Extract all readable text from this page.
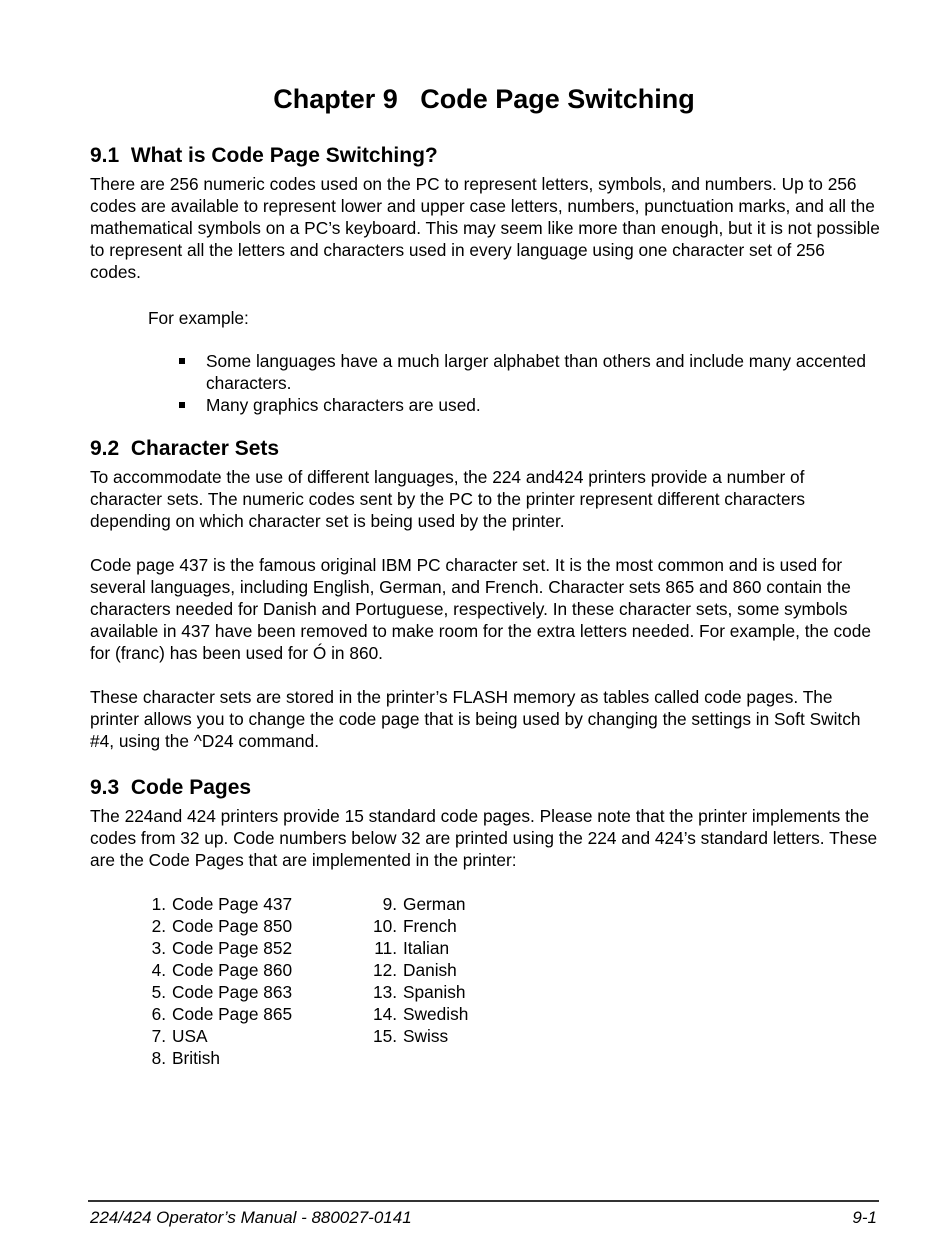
Chapter 9   Code Page Switching
9.1  What is Code Page Switching?

There are 256 numeric codes used on the PC to represent letters, symbols, and numbers. Up to 256 codes are available to represent lower and upper case letters, numbers, punctuation marks, and all the mathematical symbols on a PC’s keyboard. This may seem like more than enough, but it is not possible to represent all the letters and characters used in every language using one character set of 256 codes.

For example:
Some languages have a much larger alphabet than others and include many accented characters.
Many graphics characters are used.
9.2  Character Sets

To accommodate the use of different languages, the 224 and424 printers provide a number of character sets. The numeric codes sent by the PC to the printer represent different characters depending on which character set is being used by the printer.

Code page 437 is the famous original IBM PC character set. It is the most common and is used for several languages, including English, German, and French. Character sets 865 and 860 contain the characters needed for Danish and Portuguese, respectively. In these character sets, some symbols available in 437 have been removed to make room for the extra letters needed. For example, the code for (franc) has been used for Ó in 860.

These character sets are stored in the printer’s FLASH memory as tables called code pages. The printer allows you to change the code page that is being used by changing the settings in Soft Switch #4, using the ^D24 command.

9.3  Code Pages

The 224and 424 printers provide 15 standard code pages. Please note that the printer implements the codes from 32 up. Code numbers below 32 are printed using the 224 and 424’s standard letters. These are the Code Pages that are implemented in the printer:

1. Code Page 437
2. Code Page 850
3. Code Page 852
4. Code Page 860
5. Code Page 863
6. Code Page 865
7. USA
8. British
9. German
10. French
11. Italian
12. Danish
13. Spanish
14. Swedish
15. Swiss
224/424 Operator’s Manual - 880027-0141	9-1
